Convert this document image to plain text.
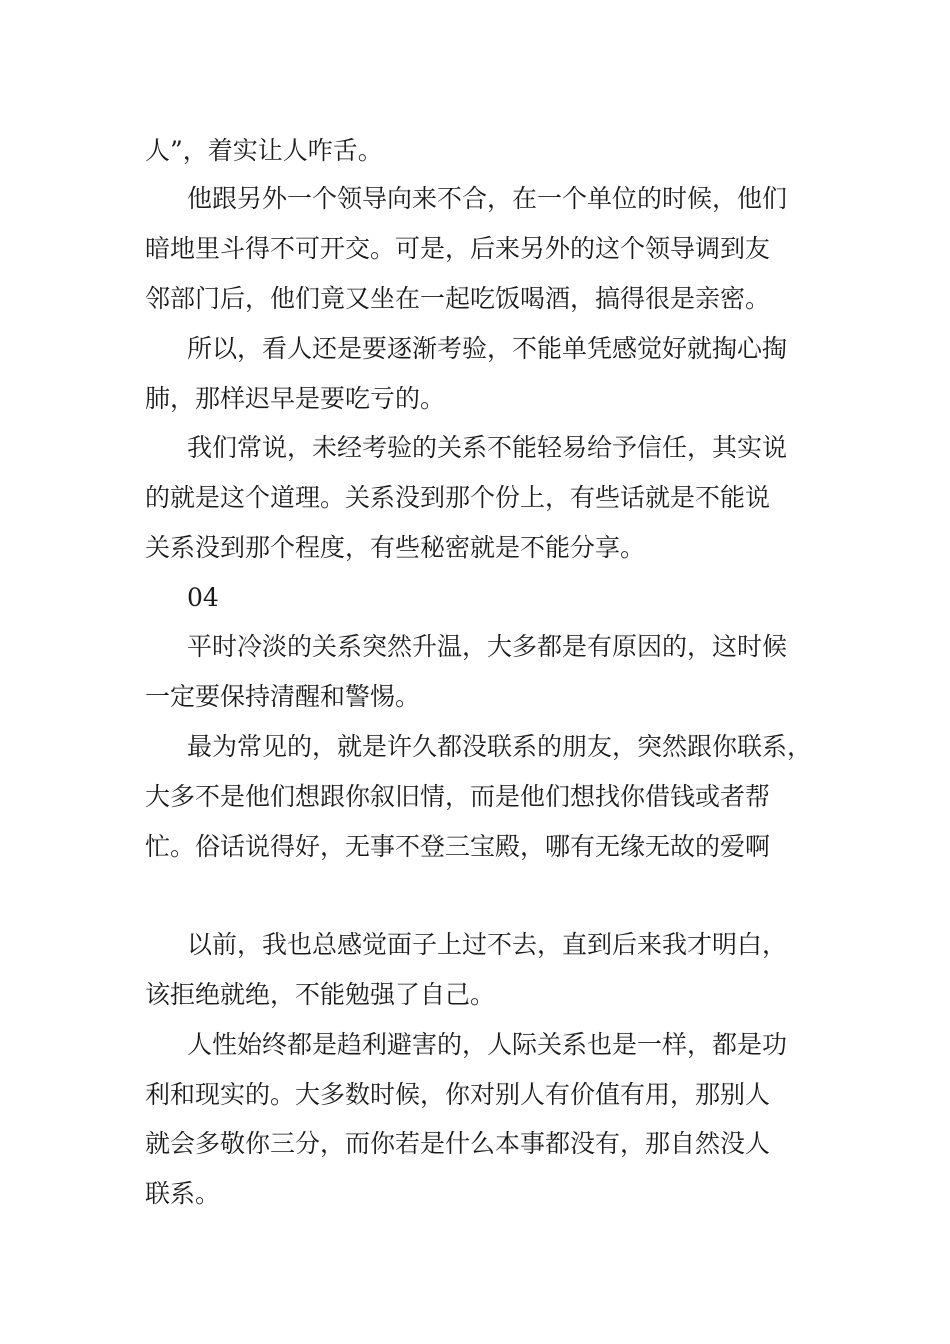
人”，着实让人咋舌。

他跟另外一个领导向来不合，在一个单位的时候，他们

暗地里斗得不可开交。可是，后来另外的这个领导调到友

邻部门后，他们竟又坐在一起吃饭喝酒，搞得很是亲密。

所以，看人还是要逐渐考验，不能单凭感觉好就掏心掏

肺，那样迟早是要吃亏的。

我们常说，未经考验的关系不能轻易给予信任，其实说

的就是这个道理。关系没到那个份上，有些话就是不能说

关系没到那个程度，有些秘密就是不能分享。

04

平时冷淡的关系突然升温，大多都是有原因的，这时候

一定要保持清醒和警惕。

最为常见的，就是许久都没联系的朋友，突然跟你联系，

大多不是他们想跟你叙旧情，而是他们想找你借钱或者帮

忙。俗话说得好，无事不登三宝殿，哪有无缘无故的爱啊

以前，我也总感觉面子上过不去，直到后来我才明白，

该拒绝就绝，不能勉强了自己。

人性始终都是趋利避害的，人际关系也是一样，都是功

利和现实的。大多数时候，你对别人有价值有用，那别人

就会多敬你三分，而你若是什么本事都没有，那自然没人

联系。
